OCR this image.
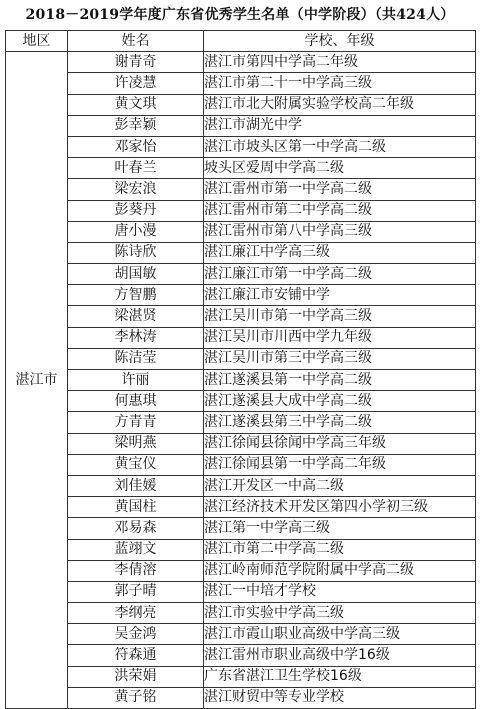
2018－2019学年度广东省优秀学生名单（中学阶段）（共424人）
地区	姓名	学校、年级
湛江市	谢青奇	湛江市第四中学高二年级
	许凌慧	湛江市第二十一中学高三级
	黄文琪	湛江市北大附属实验学校高二年级
	彭幸颖	湛江市湖光中学
	邓家怡	湛江市坡头区第一中学高二级
	叶春兰	坡头区爱周中学高二级
	梁宏浪	湛江雷州市第一中学高二级
	彭葵丹	湛江雷州市第二中学高二级
	唐小漫	湛江雷州市第八中学高三级
	陈诗欣	湛江廉江中学高三级
	胡国敏	湛江廉江市第一中学高二级
	方智鹏	湛江廉江市安铺中学
	梁湛贤	湛江吴川市第一中学高三级
	李林涛	湛江吴川市川西中学九年级
	陈洁莹	湛江吴川市第三中学高三级
	许丽	湛江遂溪县第一中学高二级
	何惠琪	湛江遂溪县大成中学高二级
	方青青	湛江遂溪县第三中学高二级
	梁明燕	湛江徐闻县徐闻中学高三年级
	黄宝仪	湛江徐闻县第一中学高二年级
	刘佳媛	湛江开发区一中高二级
	黄国柱	湛江经济技术开发区第四小学初三级
	邓易森	湛江第一中学高三级
	蓝翊文	湛江市第二中学高二级
	李倩溶	湛江岭南师范学院附属中学高二级
	郭子晴	湛江一中培才学校
	李纲亮	湛江市实验中学高三级
	吴金鸿	湛江市霞山职业高级中学高三级
	符森通	湛江雷州市职业高级中学16级
	洪荣娟	广东省湛江卫生学校16级
	黄子铭	湛江财贸中等专业学校
